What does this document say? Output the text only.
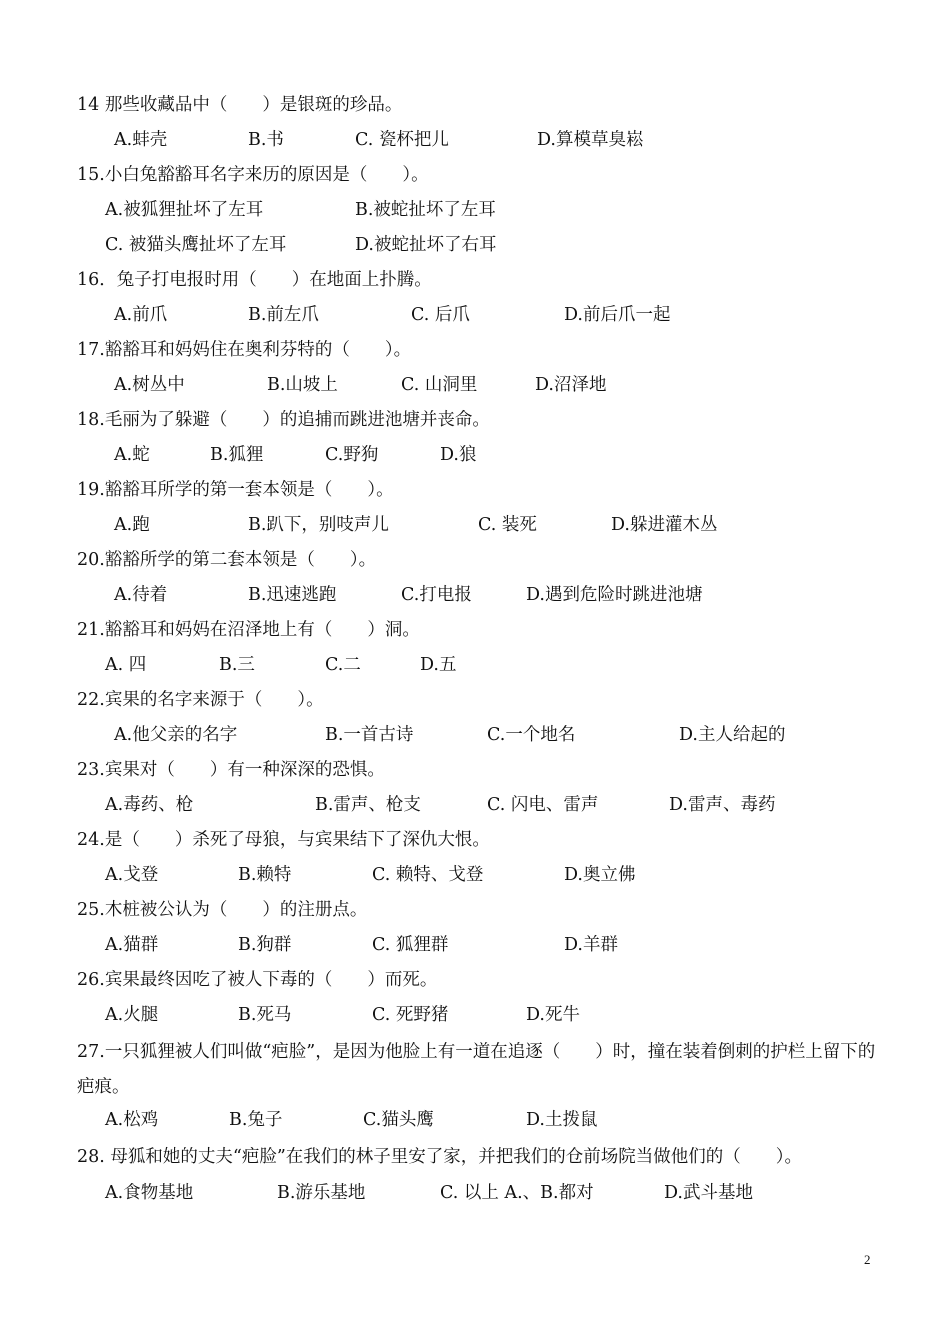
14 那些收藏品中（　　）是银斑的珍品。
A.蚌壳	B.书	C. 瓷杯把儿	D.算模草臭崧
15.小白兔豁豁耳名字来历的原因是（　　）。
A.被狐狸扯坏了左耳	B.被蛇扯坏了左耳
C. 被猫头鹰扯坏了左耳	D.被蛇扯坏了右耳
16．兔子打电报时用（　　）在地面上扑腾。
A.前爪	B.前左爪	C. 后爪	D.前后爪一起
17.豁豁耳和妈妈住在奥利芬特的（　　）。
A.树丛中	B.山坡上	C. 山洞里	D.沼泽地
18.毛丽为了躲避（　　）的追捕而跳进池塘并丧命。
A.蛇	B.狐狸	C.野狗	D.狼
19.豁豁耳所学的第一套本领是（　　）。
A.跑	B.趴下，别吱声儿	C. 装死	D.躲进灌木丛
20.豁豁所学的第二套本领是（　　）。
A.待着	B.迅速逃跑	C.打电报	D.遇到危险时跳进池塘
21.豁豁耳和妈妈在沼泽地上有（　　）洞。
A. 四	B.三	C.二	D.五
22.宾果的名字来源于（　　）。
A.他父亲的名字	B.一首古诗	C.一个地名	D.主人给起的
23.宾果对（　　）有一种深深的恐惧。
A.毒药、枪	B.雷声、枪支	C. 闪电、雷声	D.雷声、毒药
24.是（　　）杀死了母狼，与宾果结下了深仇大恨。
A.戈登	B.赖特	C. 赖特、戈登	D.奥立佛
25.木桩被公认为（　　）的注册点。
A.猫群	B.狗群	C. 狐狸群	D.羊群
26.宾果最终因吃了被人下毒的（　　）而死。
A.火腿	B.死马	C. 死野猪	D.死牛
27.一只狐狸被人们叫做“疤脸”，是因为他脸上有一道在追逐（　　）时，撞在装着倒刺的护栏上留下的疤痕。
A.松鸡	B.兔子	C.猫头鹰	D.土拨鼠
28. 母狐和她的丈夫“疤脸”在我们的林子里安了家，并把我们的仓前场院当做他们的（　　）。
A.食物基地	B.游乐基地	C. 以上 A.、B.都对	D.武斗基地
2
